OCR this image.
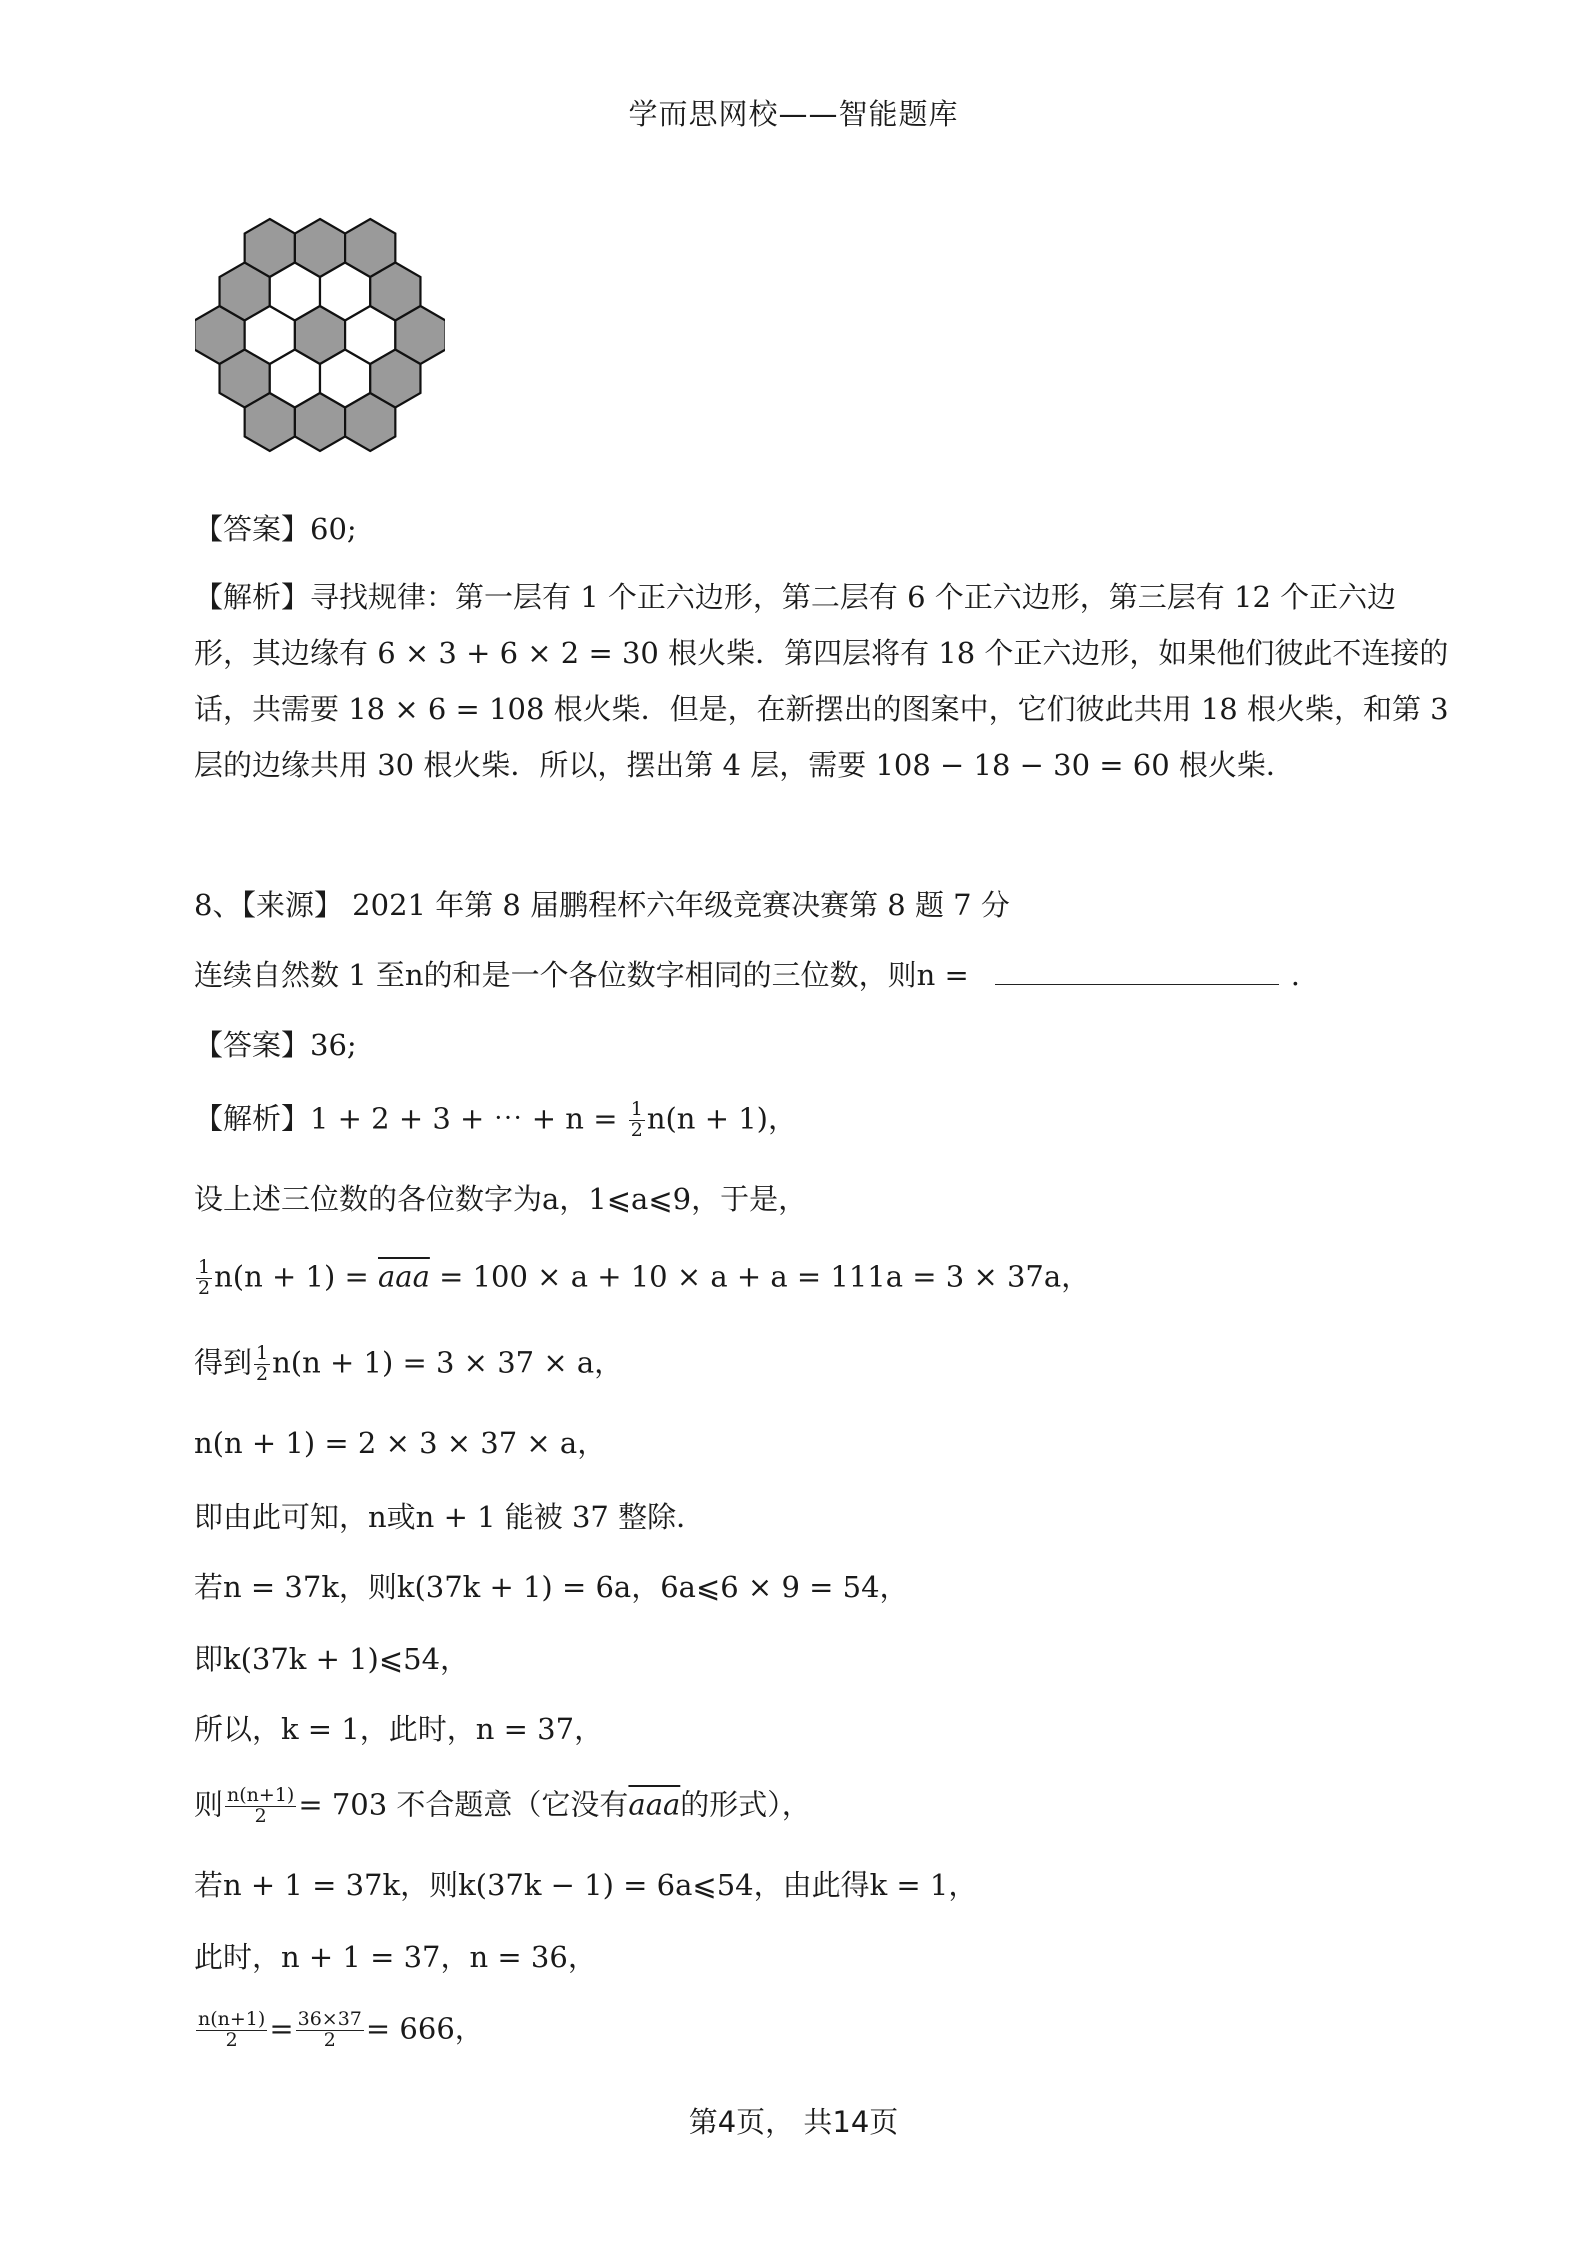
学而思网校——智能题库
【答案】60;
【解析】寻找规律：第一层有 1 个正六边形，第二层有 6 个正六边形，第三层有 12 个正六边
形，其边缘有 6 × 3 + 6 × 2 = 30 根火柴．第四层将有 18 个正六边形，如果他们彼此不连接的
话，共需要 18 × 6 = 108 根火柴．但是，在新摆出的图案中，它们彼此共用 18 根火柴，和第 3
层的边缘共用 30 根火柴．所以，摆出第 4 层，需要 108 − 18 − 30 = 60 根火柴．
8、【来源】 2021 年第 8 届鹏程杯六年级竞赛决赛第 8 题 7 分
连续自然数 1 至n的和是一个各位数字相同的三位数，则n =	.
【答案】36;
【解析】1 + 2 + 3 + ⋯ + $n = \frac{1}{2} n(n + 1)$，
设上述三位数的各位数字为a，1⩽a⩽9，于是，
$\frac{1}{2} n(n + 1) = \overline{aaa} = 100 \times a + 10 \times a + a = 111a = 3 \times 37a$，
得到 $\frac{1}{2} n(n + 1) = 3 \times 37 \times a$，
n(n + 1) = 2 × 3 × 37 × a，
即由此可知，n或n + 1 能被 37 整除．
若n = 37k，则k(37k + 1) = 6a，6a⩽6 × 9 = 54，
即k(37k + 1)⩽54，
所以，k = 1，此时，n = 37，
则 $\frac{n(n+1)}{2} = 703$ 不合题意（它没有$\overline{aaa}$的形式），
若n + 1 = 37k，则k(37k − 1) = 6a⩽54，由此得k = 1，
此时，n + 1 = 37，n = 36，
$\frac{n(n+1)}{2} = \frac{36\times 37}{2} = 666$，
第4页， 共14页
